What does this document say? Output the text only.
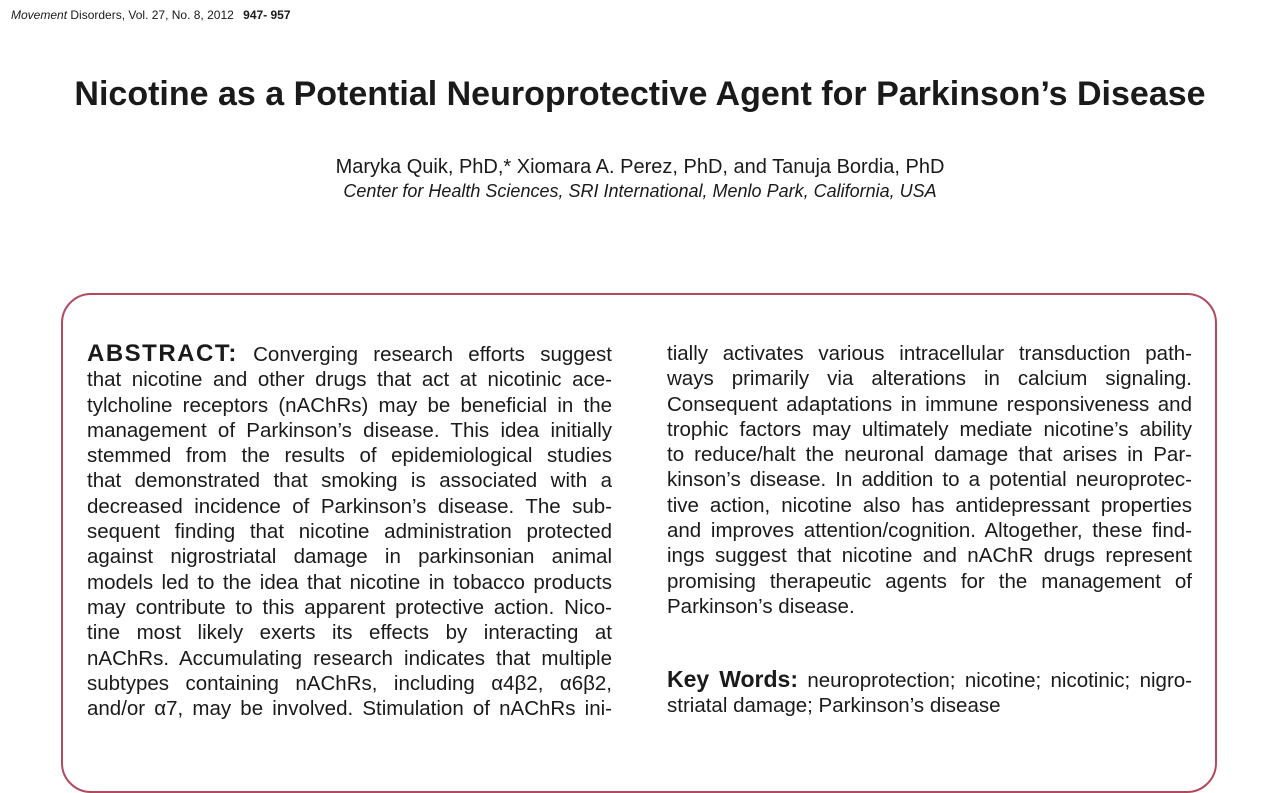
Movement Disorders, Vol. 27, No. 8, 2012 947- 957
Nicotine as a Potential Neuroprotective Agent for Parkinson’s Disease
Maryka Quik, PhD,* Xiomara A. Perez, PhD, and Tanuja Bordia, PhD
Center for Health Sciences, SRI International, Menlo Park, California, USA
ABSTRACT: Converging research efforts suggest
that nicotine and other drugs that act at nicotinic ace-
tylcholine receptors (nAChRs) may be beneficial in the
management of Parkinson’s disease. This idea initially
stemmed from the results of epidemiological studies
that demonstrated that smoking is associated with a
decreased incidence of Parkinson’s disease. The sub-
sequent finding that nicotine administration protected
against nigrostriatal damage in parkinsonian animal
models led to the idea that nicotine in tobacco products
may contribute to this apparent protective action. Nico-
tine most likely exerts its effects by interacting at
nAChRs. Accumulating research indicates that multiple
subtypes containing nAChRs, including α4β2, α6β2,
and/or α7, may be involved. Stimulation of nAChRs ini-
tially activates various intracellular transduction path-
ways primarily via alterations in calcium signaling.
Consequent adaptations in immune responsiveness and
trophic factors may ultimately mediate nicotine’s ability
to reduce/halt the neuronal damage that arises in Par-
kinson’s disease. In addition to a potential neuroprotec-
tive action, nicotine also has antidepressant properties
and improves attention/cognition. Altogether, these find-
ings suggest that nicotine and nAChR drugs represent
promising therapeutic agents for the management of
Parkinson’s disease.
Key Words: neuroprotection; nicotine; nicotinic; nigro-
striatal damage; Parkinson’s disease
